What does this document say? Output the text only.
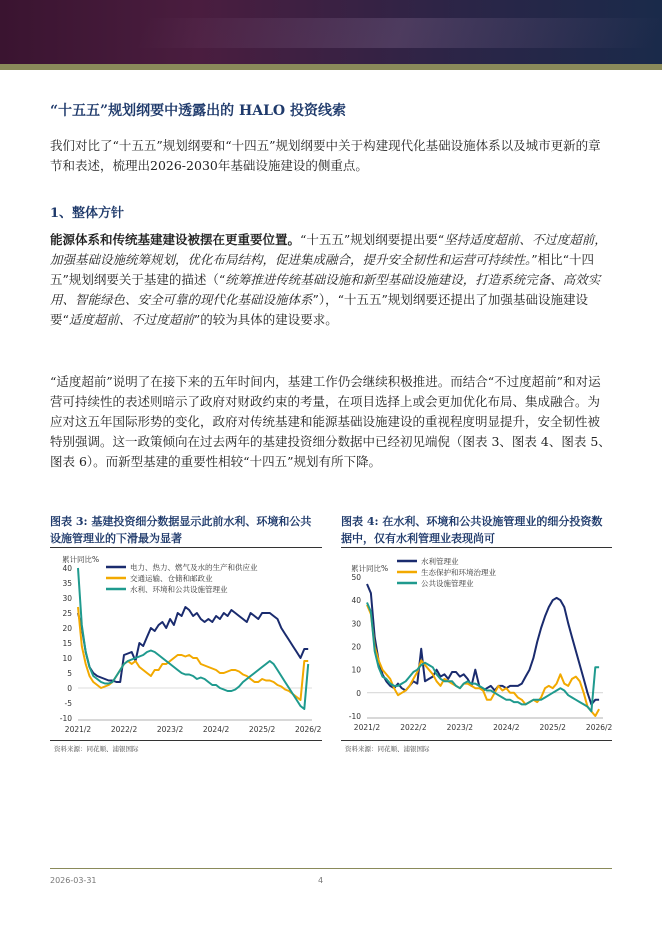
“十五五”规划纲要中透露出的 HALO 投资线索
我们对比了“十五五”规划纲要和“十四五”规划纲要中关于构建现代化基础设施体系以及城市更新的章节和表述，梳理出2026-2030年基础设施建设的侧重点。
1、整体方针
能源体系和传统基建建设被摆在更重要位置。“十五五”规划纲要提出要“坚持适度超前、不过度超前，加强基础设施统筹规划，优化布局结构，促进集成融合，提升安全韧性和运营可持续性。”相比“十四五”规划纲要关于基建的描述（“统筹推进传统基础设施和新型基础设施建设，打造系统完备、高效实用、智能绿色、安全可靠的现代化基础设施体系”），“十五五”规划纲要还提出了加强基础设施建设要“适度超前、不过度超前”的较为具体的建设要求。
“适度超前”说明了在接下来的五年时间内，基建工作仍会继续积极推进。而结合“不过度超前”和对运营可持续性的表述则暗示了政府对财政约束的考量，在项目选择上或会更加优化布局、集成融合。为应对这五年国际形势的变化，政府对传统基建和能源基础设施建设的重视程度明显提升，安全韧性被特别强调。这一政策倾向在过去两年的基建投资细分数据中已经初见端倪（图表 3、图表 4、图表 5、图表 6）。而新型基建的重要性相较“十四五”规划有所下降。
图表 3: 基建投资细分数据显示此前水利、环境和公共设施管理业的下滑最为显著
累计同比%
-10
-5
0
5
10
15
20
25
30
35
40
2021/2	2022/2	2023/2	2024/2	2025/2	2026/2
电力、热力、燃气及水的生产和供应业
交通运输、仓储和邮政业
水利、环境和公共设施管理业
资料来源：同花顺、浦银国际
图表 4: 在水利、环境和公共设施管理业的细分投资数据中，仅有水利管理业表现尚可
累计同比%
-10
0
10
20
30
40
50
2021/2	2022/2	2023/2	2024/2	2025/2	2026/2
水利管理业
生态保护和环境治理业
公共设施管理业
资料来源：同花顺、浦银国际
2026-03-31	4
